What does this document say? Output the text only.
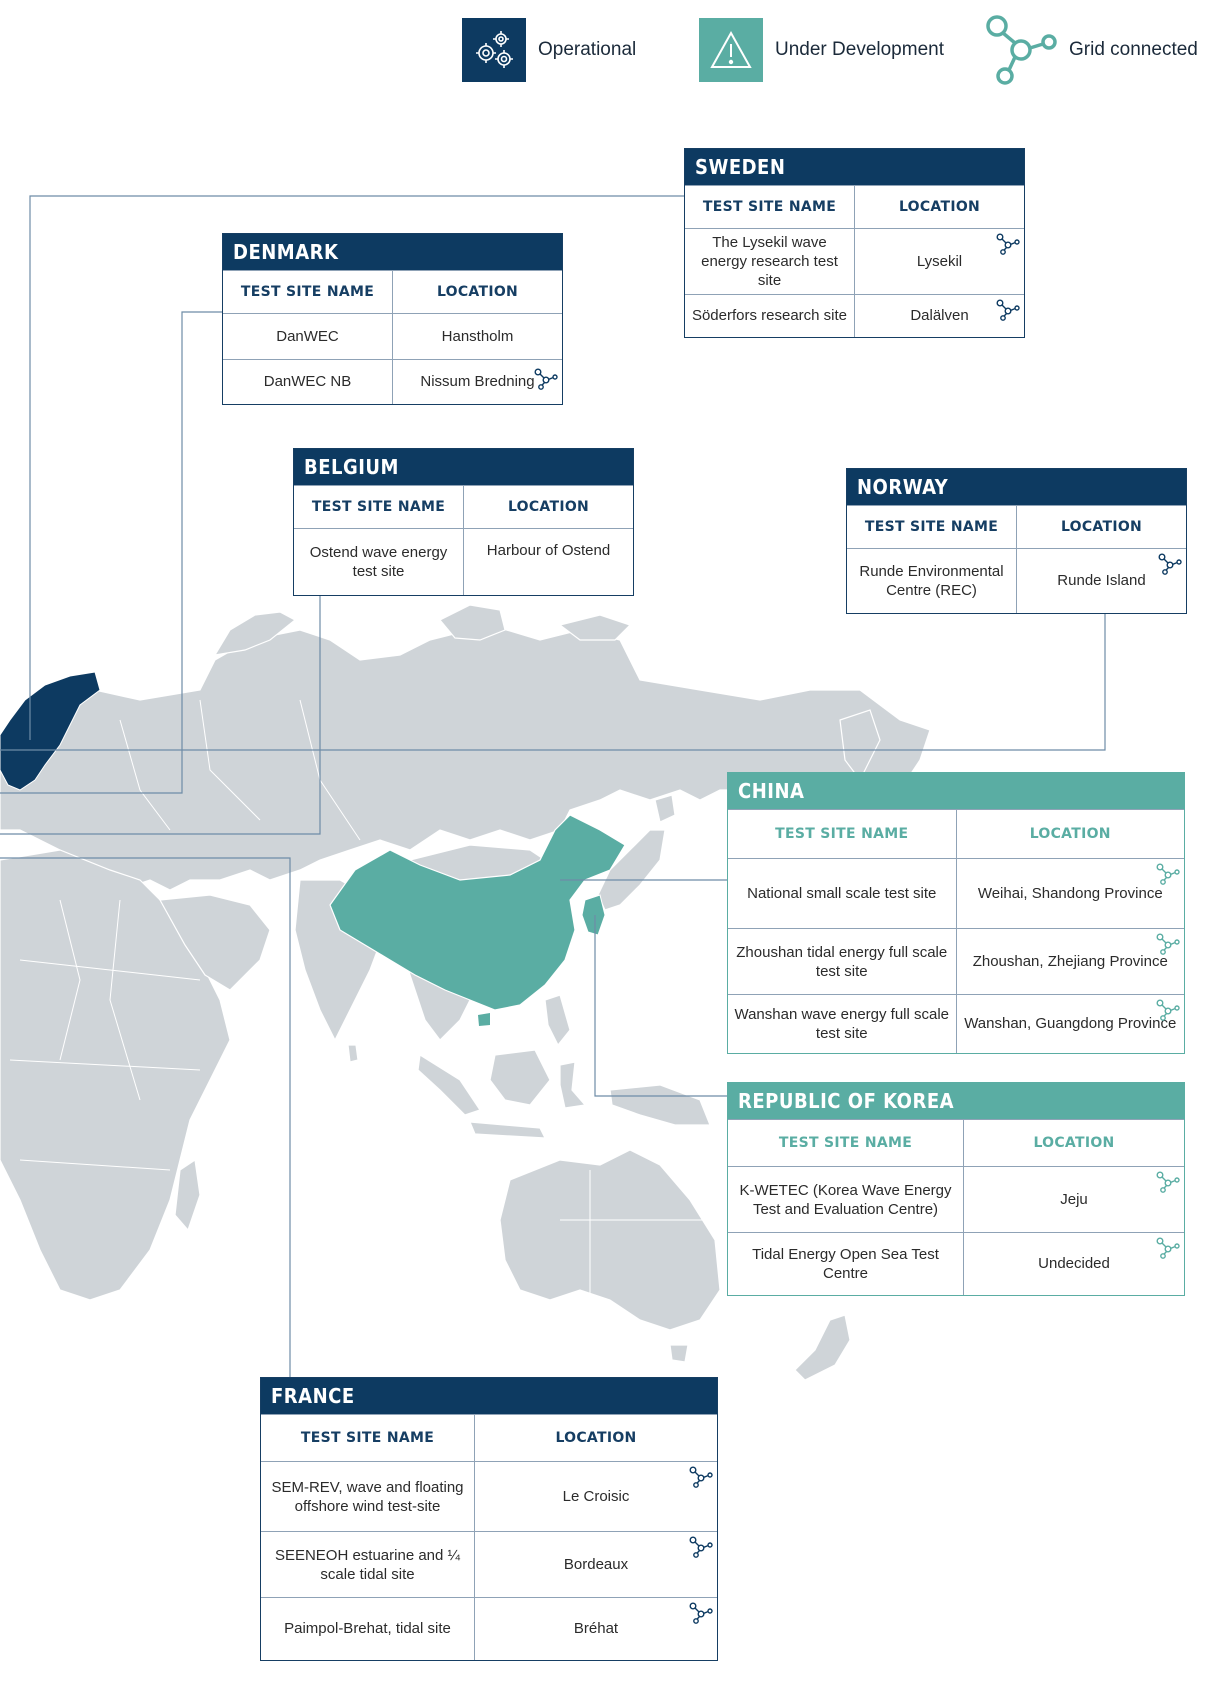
Operational	Under Development	Grid connected
SWEDEN
TEST SITE NAME	LOCATION
The Lysekil wave energy research test site	Lysekil

Söderfors research site	Dalälven
DENMARK
TEST SITE NAME	LOCATION
DanWEC	Hanstholm
DanWEC NB	Nissum Bredning
BELGIUM
TEST SITE NAME	LOCATION
Ostend wave energy test site	Harbour of Ostend
NORWAY
TEST SITE NAME	LOCATION
Runde Environmental Centre (REC)	Runde Island
CHINA
TEST SITE NAME	LOCATION
National small scale test site	Weihai, Shandong Province

Zhoushan tidal energy full scale test site	Zhoushan, Zhejiang Province

Wanshan wave energy full scale test site	Wanshan, Guangdong Province
REPUBLIC OF KOREA
TEST SITE NAME	LOCATION
K-WETEC (Korea Wave Energy Test and Evaluation Centre)	Jeju

Tidal Energy Open Sea Test Centre	Undecided
FRANCE
TEST SITE NAME	LOCATION
SEM-REV, wave and floating offshore wind test-site	Le Croisic

SEENEOH estuarine and ¼ scale tidal site	Bordeaux

Paimpol-Brehat, tidal site	Bréhat
